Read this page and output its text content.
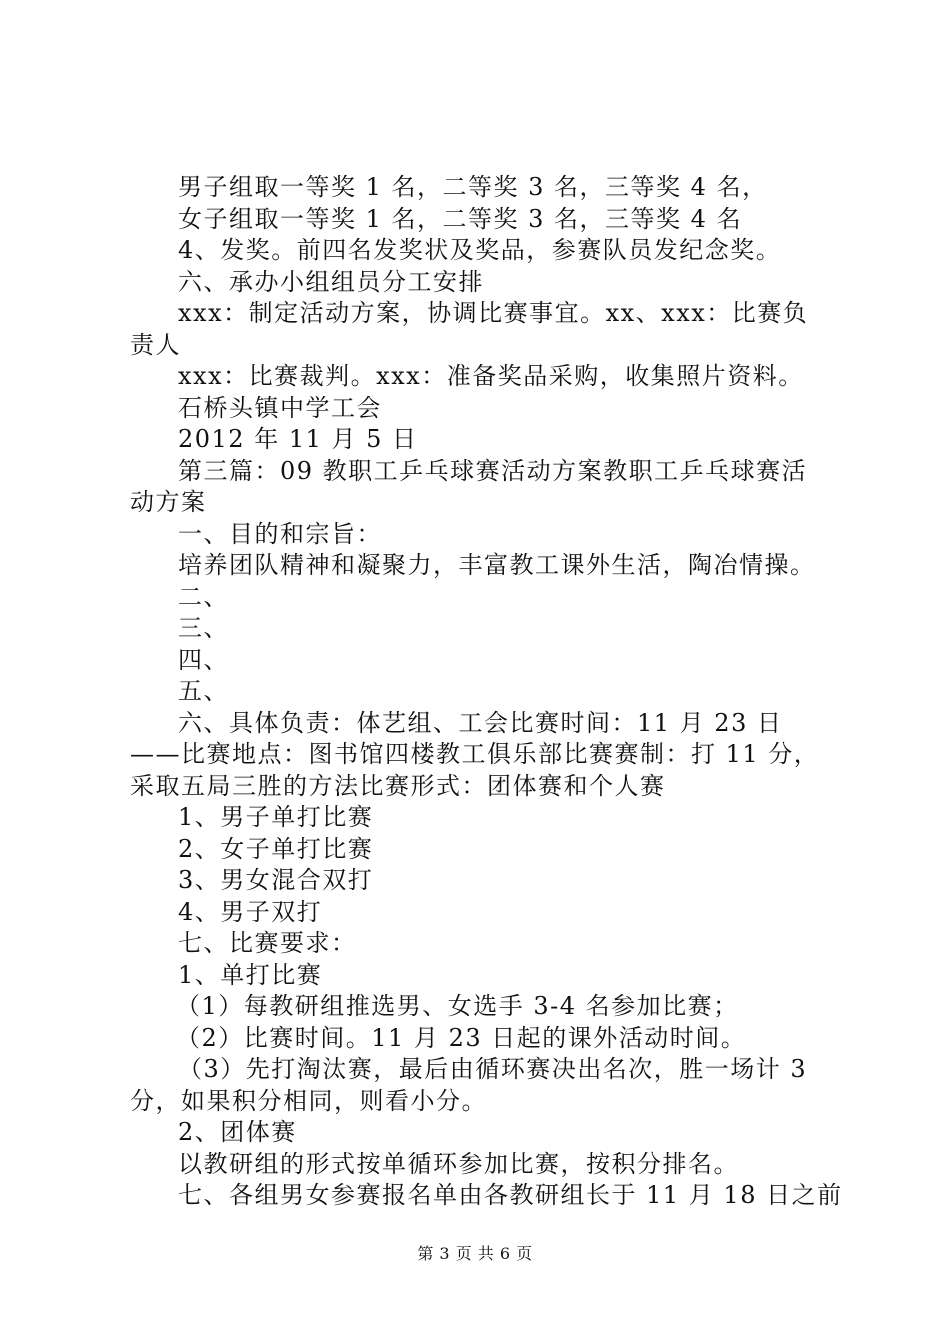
男子组取一等奖 1 名，二等奖 3 名，三等奖 4 名，
女子组取一等奖 1 名，二等奖 3 名，三等奖 4 名
4、发奖。前四名发奖状及奖品，参赛队员发纪念奖。
六、承办小组组员分工安排
xxx：制定活动方案，协调比赛事宜。xx、xxx：比赛负责人
xxx：比赛裁判。xxx：准备奖品采购，收集照片资料。
石桥头镇中学工会
2012 年 11 月 5 日
第三篇：09 教职工乒乓球赛活动方案教职工乒乓球赛活动方案
一、目的和宗旨：
培养团队精神和凝聚力，丰富教工课外生活，陶冶情操。
二、
三、
四、
五、
六、具体负责：体艺组、工会比赛时间：11 月 23 日——比赛地点：图书馆四楼教工俱乐部比赛赛制：打 11 分，采取五局三胜的方法比赛形式：团体赛和个人赛
1、男子单打比赛
2、女子单打比赛
3、男女混合双打
4、男子双打
七、比赛要求：
1、单打比赛
（1）每教研组推选男、女选手 3-4 名参加比赛；
（2）比赛时间。11 月 23 日起的课外活动时间。
（3）先打淘汰赛，最后由循环赛决出名次，胜一场计 3 分，如果积分相同，则看小分。
2、团体赛
以教研组的形式按单循环参加比赛，按积分排名。
七、各组男女参赛报名单由各教研组长于 11 月 18 日之前
第 3 页 共 6 页
